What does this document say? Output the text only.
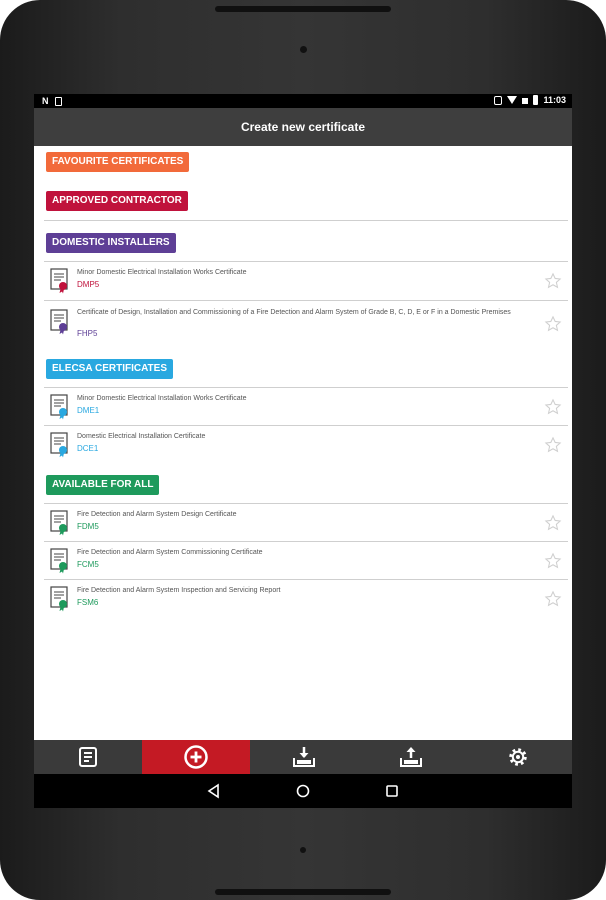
N	11:03
Create new certificate
FAVOURITE CERTIFICATES
APPROVED CONTRACTOR
DOMESTIC INSTALLERS
Minor Domestic Electrical Installation Works Certificate
DMP5
Certificate of Design, Installation and Commissioning of a Fire Detection and Alarm System of Grade B, C, D, E or F in a Domestic Premises
FHP5
ELECSA CERTIFICATES
Minor Domestic Electrical Installation Works Certificate
DME1
Domestic Electrical Installation Certificate
DCE1
AVAILABLE FOR ALL
Fire Detection and Alarm System Design Certificate
FDM5
Fire Detection and Alarm System Commissioning Certificate
FCM5
Fire Detection and Alarm System Inspection and Servicing Report
FSM6
